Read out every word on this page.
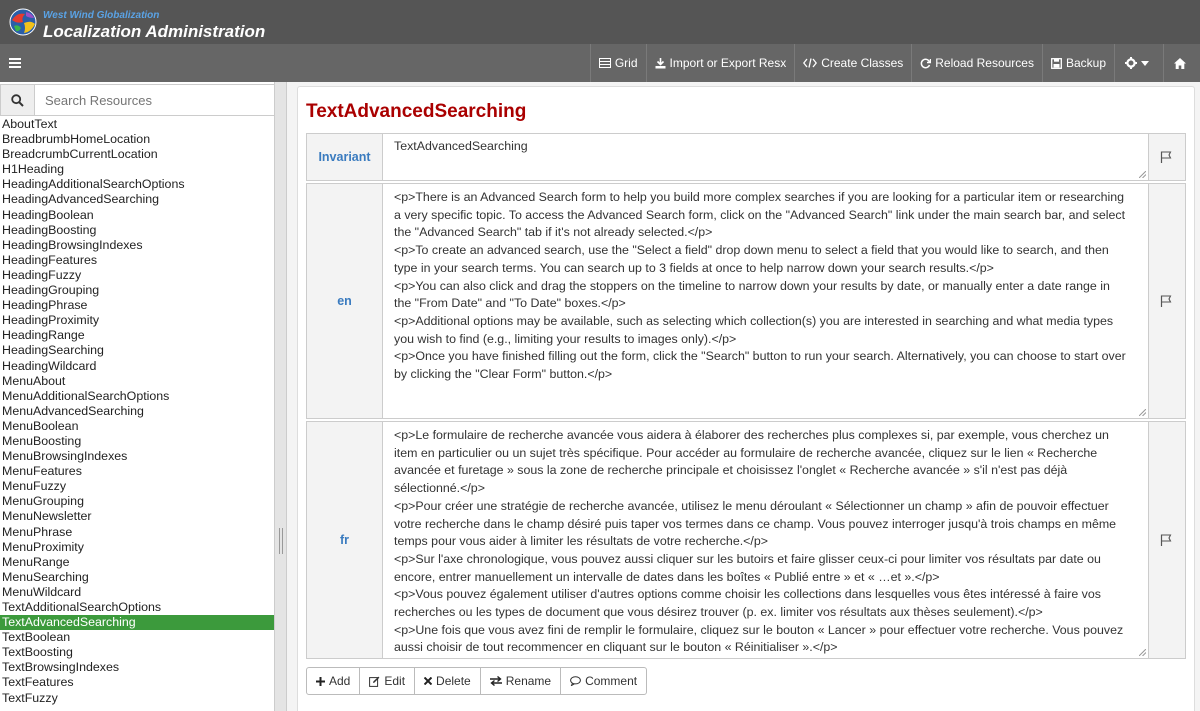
West Wind Globalization
Localization Administration
Grid	Import or Export Resx	Create Classes	Reload Resources	Backup
Search Resources
AboutText
BreadbrumbHomeLocation
BreadcrumbCurrentLocation
H1Heading
HeadingAdditionalSearchOptions
HeadingAdvancedSearching
HeadingBoolean
HeadingBoosting
HeadingBrowsingIndexes
HeadingFeatures
HeadingFuzzy
HeadingGrouping
HeadingPhrase
HeadingProximity
HeadingRange
HeadingSearching
HeadingWildcard
MenuAbout
MenuAdditionalSearchOptions
MenuAdvancedSearching
MenuBoolean
MenuBoosting
MenuBrowsingIndexes
MenuFeatures
MenuFuzzy
MenuGrouping
MenuNewsletter
MenuPhrase
MenuProximity
MenuRange
MenuSearching
MenuWildcard
TextAdditionalSearchOptions
TextAdvancedSearching
TextBoolean
TextBoosting
TextBrowsingIndexes
TextFeatures
TextFuzzy
TextAdvancedSearching
Invariant
TextAdvancedSearching
en
<p>There is an Advanced Search form to help you build more complex searches if you are looking for a particular item or researching
a very specific topic. To access the Advanced Search form, click on the "Advanced Search" link under the main search bar, and select
the "Advanced Search" tab if it's not already selected.</p>
<p>To create an advanced search, use the "Select a field" drop down menu to select a field that you would like to search, and then
type in your search terms. You can search up to 3 fields at once to help narrow down your search results.</p>
<p>You can also click and drag the stoppers on the timeline to narrow down your results by date, or manually enter a date range in
the "From Date" and "To Date" boxes.</p>
<p>Additional options may be available, such as selecting which collection(s) you are interested in searching and what media types
you wish to find (e.g., limiting your results to images only).</p>
<p>Once you have finished filling out the form, click the "Search" button to run your search. Alternatively, you can choose to start over
by clicking the "Clear Form" button.</p>
fr
<p>Le formulaire de recherche avancée vous aidera à élaborer des recherches plus complexes si, par exemple, vous cherchez un
item en particulier ou un sujet très spécifique. Pour accéder au formulaire de recherche avancée, cliquez sur le lien « Recherche
avancée et furetage » sous la zone de recherche principale et choisissez l'onglet « Recherche avancée » s'il n'est pas déjà
sélectionné.</p>
<p>Pour créer une stratégie de recherche avancée, utilisez le menu déroulant « Sélectionner un champ » afin de pouvoir effectuer
votre recherche dans le champ désiré puis taper vos termes dans ce champ. Vous pouvez interroger jusqu'à trois champs en même
temps pour vous aider à limiter les résultats de votre recherche.</p>
<p>Sur l'axe chronologique, vous pouvez aussi cliquer sur les butoirs et faire glisser ceux-ci pour limiter vos résultats par date ou
encore, entrer manuellement un intervalle de dates dans les boîtes « Publié entre » et « …et ».</p>
<p>Vous pouvez également utiliser d'autres options comme choisir les collections dans lesquelles vous êtes intéressé à faire vos
recherches ou les types de document que vous désirez trouver (p. ex. limiter vos résultats aux thèses seulement).</p>
<p>Une fois que vous avez fini de remplir le formulaire, cliquez sur le bouton « Lancer » pour effectuer votre recherche. Vous pouvez
aussi choisir de tout recommencer en cliquant sur le bouton « Réinitialiser ».</p>
Add	Edit	Delete	Rename	Comment
